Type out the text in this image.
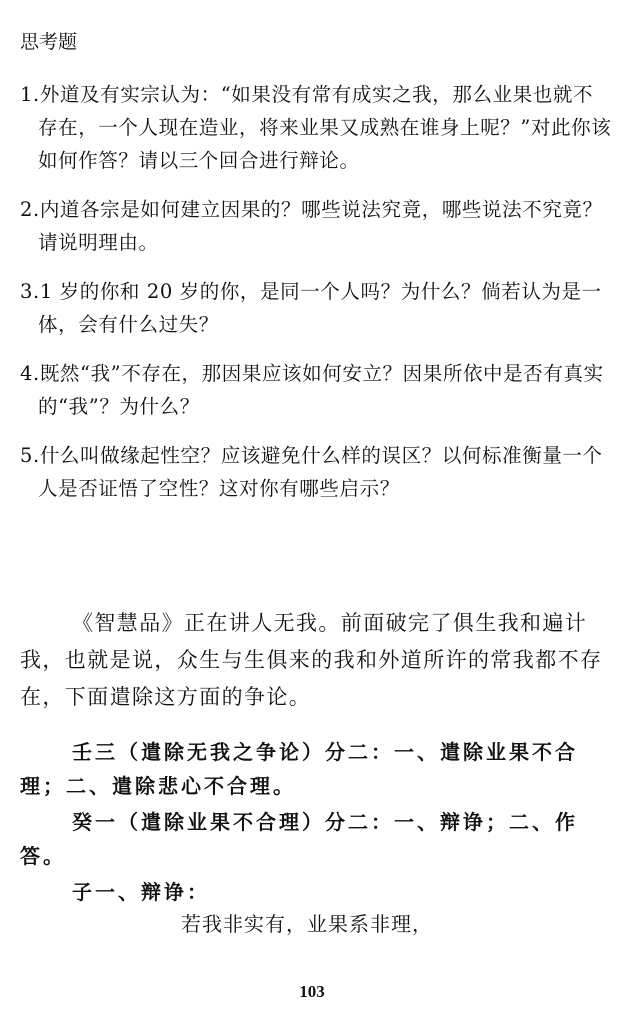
思考题

1.外道及有实宗认为：“如果没有常有成实之我，那么业果也就不存在，一个人现在造业，将来业果又成熟在谁身上呢？”对此你该如何作答？请以三个回合进行辩论。

2.内道各宗是如何建立因果的？哪些说法究竟，哪些说法不究竟？请说明理由。

3.1 岁的你和 20 岁的你，是同一个人吗？为什么？倘若认为是一体，会有什么过失？

4.既然“我”不存在，那因果应该如何安立？因果所依中是否有真实的“我”？为什么？

5.什么叫做缘起性空？应该避免什么样的误区？以何标准衡量一个人是否证悟了空性？这对你有哪些启示？

《智慧品》正在讲人无我。前面破完了俱生我和遍计我，也就是说，众生与生俱来的我和外道所许的常我都不存在，下面遣除这方面的争论。

壬三（遣除无我之争论）分二：一、遣除业果不合理；二、遣除悲心不合理。

癸一（遣除业果不合理）分二：一、辩诤；二、作答。

子一、辩诤：

若我非实有，业果系非理，
103
